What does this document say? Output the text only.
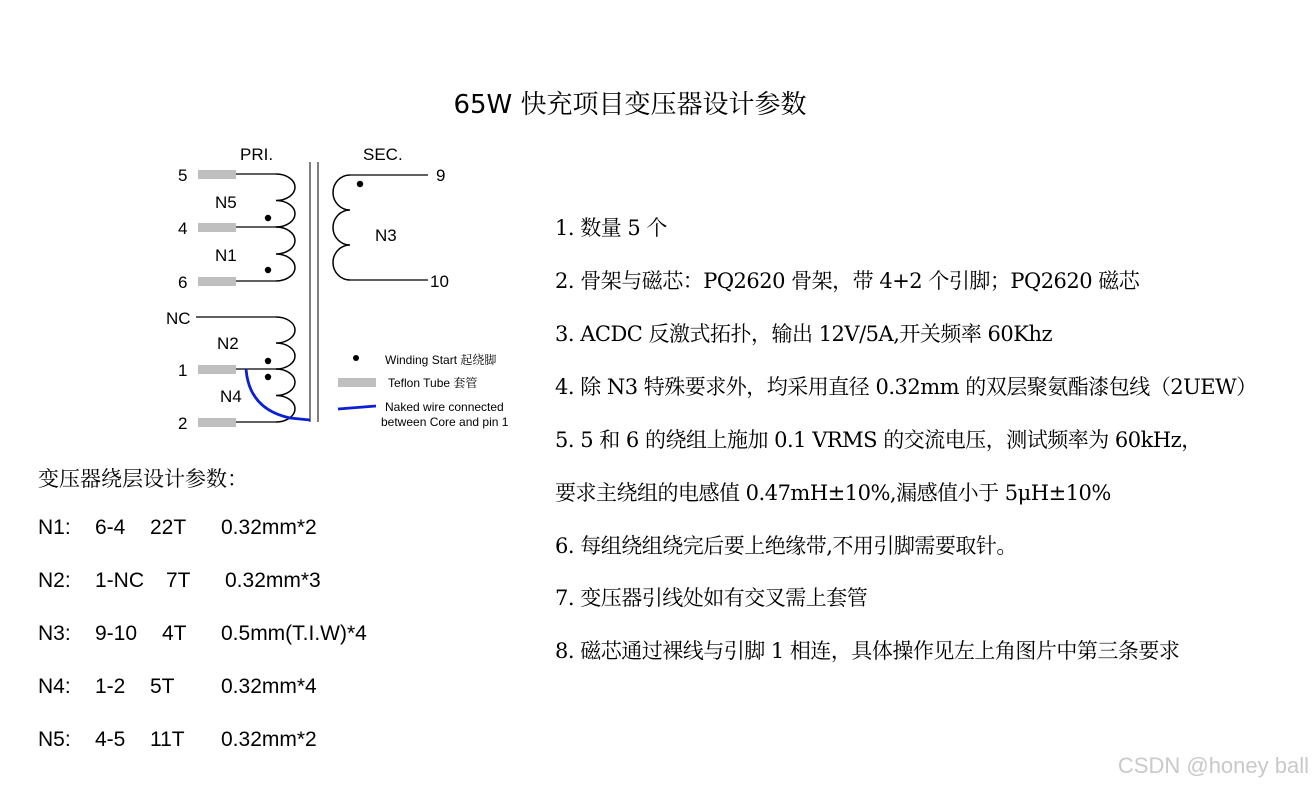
65W 快充项目变压器设计参数
PRI.	SEC.
5
4
6
NC
1
2
9
10
N5
N1
N2
N4
N3
Winding Start 起绕脚
Teflon Tube 套管
Naked wire connected
between Core and pin 1
变压器绕层设计参数：
N1: 6-4 22T 0.32mm*2
N2: 1-NC 7T 0.32mm*3
N3: 9-10 4T 0.5mm(T.I.W)*4
N4: 1-2 5T 0.32mm*4
N5: 4-5 11T 0.32mm*2
1. 数量 5 个
2. 骨架与磁芯：PQ2620 骨架，带 4+2 个引脚；PQ2620 磁芯
3. ACDC 反激式拓扑，输出 12V/5A,开关频率 60Khz
4. 除 N3 特殊要求外，均采用直径 0.32mm 的双层聚氨酯漆包线（2UEW）
5. 5 和 6 的绕组上施加 0.1 VRMS 的交流电压，测试频率为 60kHz，
要求主绕组的电感值 0.47mH±10%,漏感值小于 5μH±10%
6. 每组绕组绕完后要上绝缘带,不用引脚需要取针。
7. 变压器引线处如有交叉需上套管
8. 磁芯通过裸线与引脚 1 相连，具体操作见左上角图片中第三条要求
CSDN @honey ball
